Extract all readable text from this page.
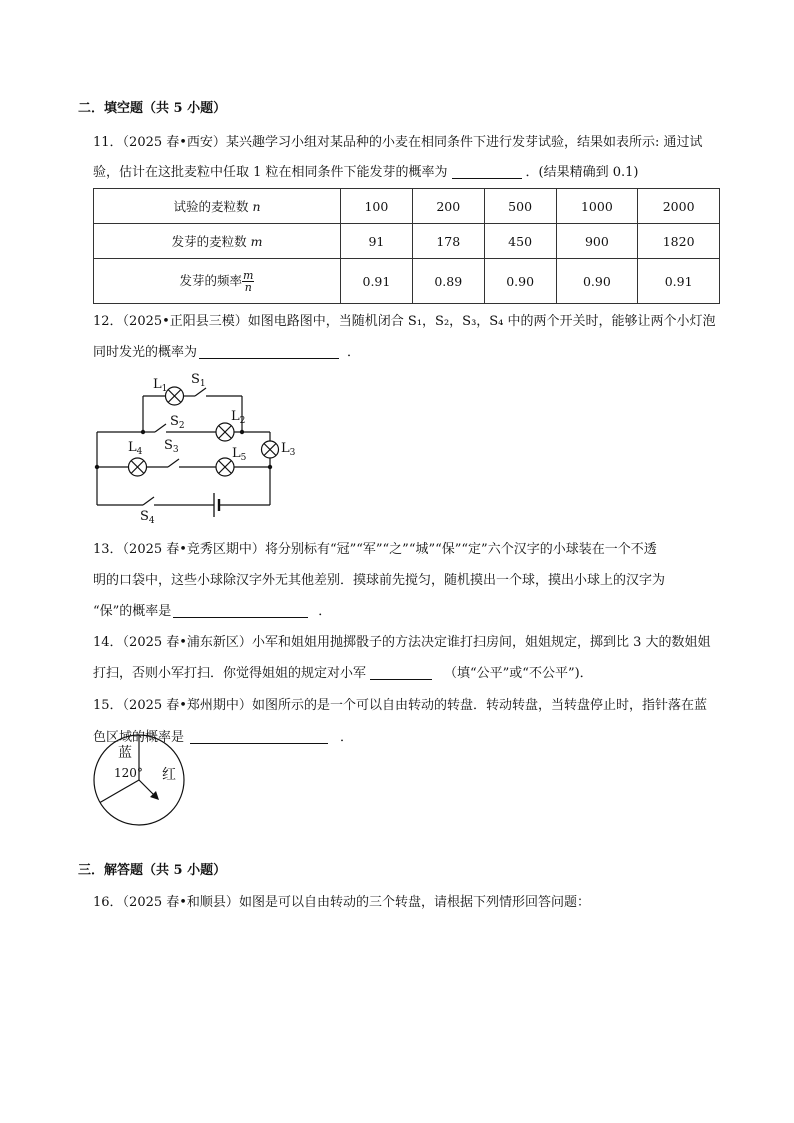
二．填空题（共 5 小题）
11．（2025 春•西安）某兴趣学习小组对某品种的小麦在相同条件下进行发芽试验，结果如表所示: 通过试
验，估计在这批麦粒中任取 1 粒在相同条件下能发芽的概率为	．(结果精确到 0.1)
试验的麦粒数 n	100	200	500	1000	2000
发芽的麦粒数 m	91	178	450	900	1820
发芽的频率 $\frac{m}{n}$	0.91	0.89	0.90	0.90	0.91
12．（2025•正阳县三模）如图电路图中，当随机闭合 S₁，S₂，S₃，S₄ 中的两个开关时，能够让两个小灯泡
同时发光的概率为	．
$L_1$
$S_1$
$S_2$
$L_2$
$L_3$
$L_4$ $S_3$	$L_5$
$S_4$
蓝
120° 红
13．（2025 春•竞秀区期中）将分别标有“冠”“军”“之”“城”“保”“定”六个汉字的小球装在一个不透
明的口袋中，这些小球除汉字外无其他差别．摸球前先搅匀，随机摸出一个球，摸出小球上的汉字为
“保”的概率是	．
14．（2025 春•浦东新区）小军和姐姐用抛掷骰子的方法决定谁打扫房间，姐姐规定，掷到比 3 大的数姐姐
打扫，否则小军打扫．你觉得姐姐的规定对小军	（填“公平”或“不公平”)．
15．（2025 春•郑州期中）如图所示的是一个可以自由转动的转盘．转动转盘，当转盘停止时，指针落在蓝
色区域的概率是	．
三．解答题（共 5 小题）
16．（2025 春•和顺县）如图是可以自由转动的三个转盘，请根据下列情形回答问题：
